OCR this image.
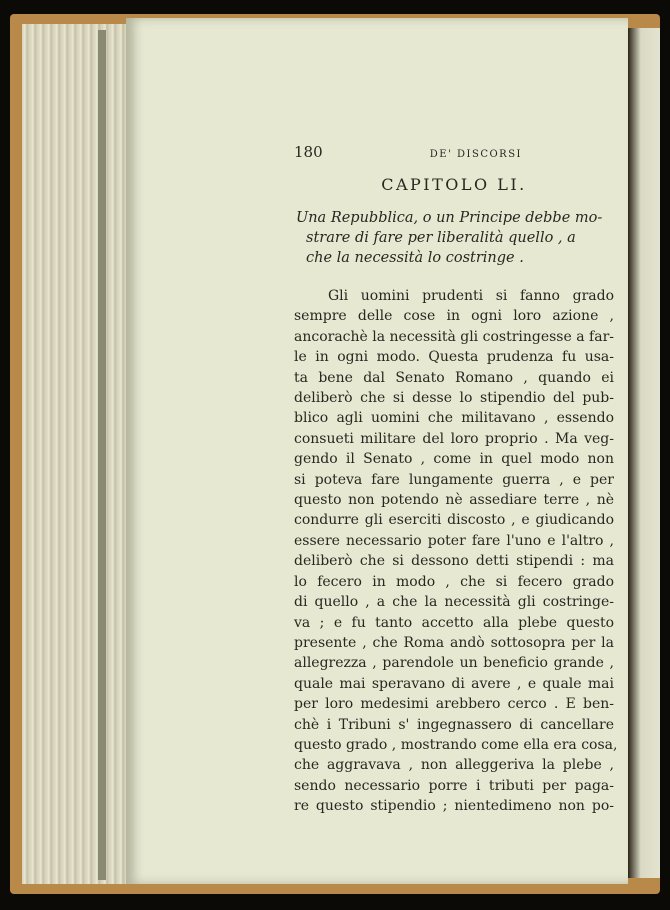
180	DE' DISCORSI
CAPITOLO LI.
Una Repubblica, o un Principe debbe mo-
strare di fare per liberalità quello , a
che la necessità lo costringe .
Gli uomini prudenti si fanno grado
sempre delle cose in ogni loro azione ,
ancorachè la necessità gli costringesse a far-
le in ogni modo. Questa prudenza fu usa-
ta bene dal Senato Romano , quando ei
deliberò che si desse lo stipendio del pub-
blico agli uomini che militavano , essendo
consueti militare del loro proprio . Ma veg-
gendo il Senato , come in quel modo non
si poteva fare lungamente guerra , e per
questo non potendo nè assediare terre , nè
condurre gli eserciti discosto , e giudicando
essere necessario poter fare l'uno e l'altro ,
deliberò che si dessono detti stipendi : ma
lo fecero in modo , che si fecero grado
di quello , a che la necessità gli costringe-
va ; e fu tanto accetto alla plebe questo
presente , che Roma andò sottosopra per la
allegrezza , parendole un beneficio grande ,
quale mai speravano di avere , e quale mai
per loro medesimi arebbero cerco . E ben-
chè i Tribuni s' ingegnassero di cancellare
questo grado , mostrando come ella era cosa,
che aggravava , non alleggeriva la plebe ,
sendo necessario porre i tributi per paga-
re questo stipendio ; nientedimeno non po-
